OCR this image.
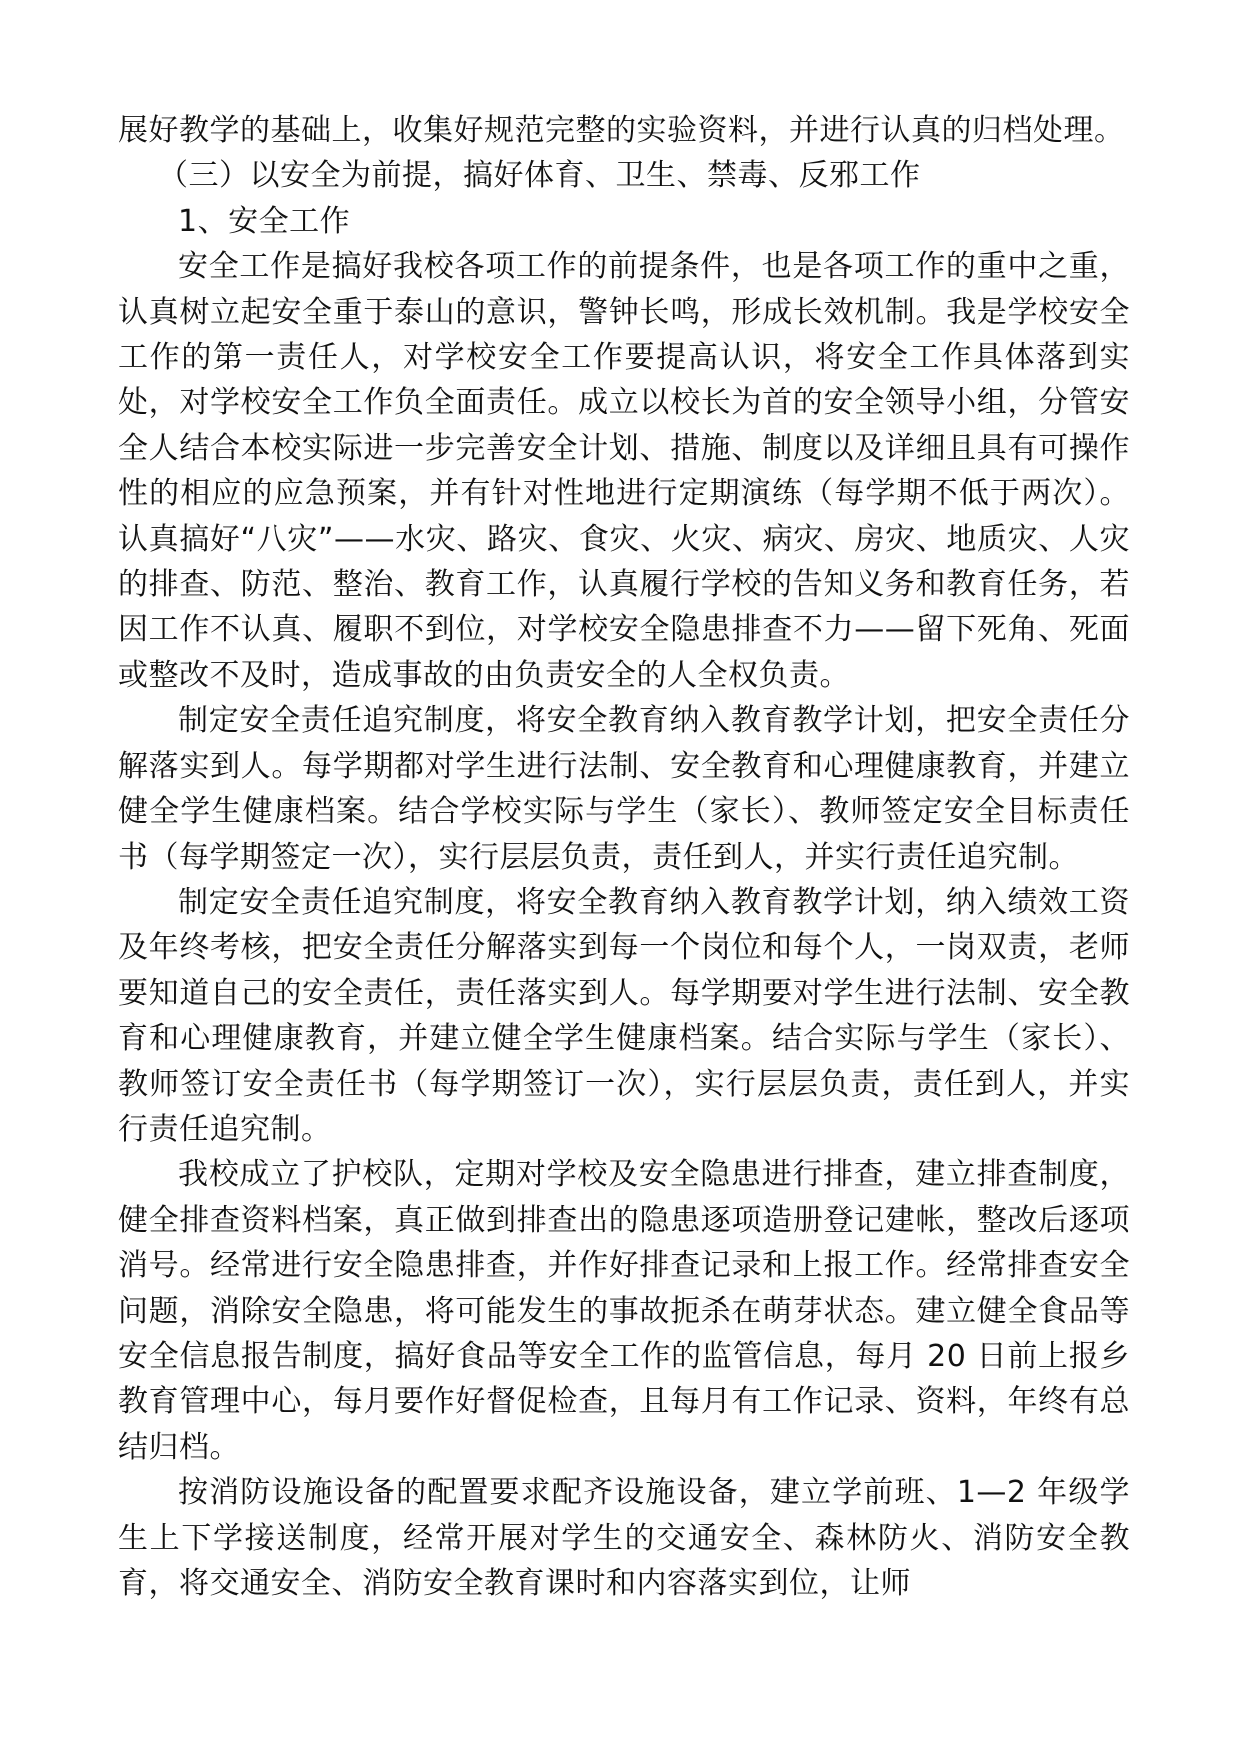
展好教学的基础上，收集好规范完整的实验资料，并进行认真的归档处理。

（三）以安全为前提，搞好体育、卫生、禁毒、反邪工作

1、安全工作

安全工作是搞好我校各项工作的前提条件，也是各项工作的重中之重，认真树立起安全重于泰山的意识，警钟长鸣，形成长效机制。我是学校安全工作的第一责任人，对学校安全工作要提高认识，将安全工作具体落到实处，对学校安全工作负全面责任。成立以校长为首的安全领导小组，分管安全人结合本校实际进一步完善安全计划、措施、制度以及详细且具有可操作性的相应的应急预案，并有针对性地进行定期演练（每学期不低于两次）。认真搞好“八灾”——水灾、路灾、食灾、火灾、病灾、房灾、地质灾、人灾的排查、防范、整治、教育工作，认真履行学校的告知义务和教育任务，若因工作不认真、履职不到位，对学校安全隐患排查不力——留下死角、死面或整改不及时，造成事故的由负责安全的人全权负责。

制定安全责任追究制度，将安全教育纳入教育教学计划，把安全责任分解落实到人。每学期都对学生进行法制、安全教育和心理健康教育，并建立健全学生健康档案。结合学校实际与学生（家长）、教师签定安全目标责任书（每学期签定一次），实行层层负责，责任到人，并实行责任追究制。

制定安全责任追究制度，将安全教育纳入教育教学计划，纳入绩效工资及年终考核，把安全责任分解落实到每一个岗位和每个人，一岗双责，老师要知道自己的安全责任，责任落实到人。每学期要对学生进行法制、安全教育和心理健康教育，并建立健全学生健康档案。结合实际与学生（家长）、教师签订安全责任书（每学期签订一次），实行层层负责，责任到人，并实行责任追究制。

我校成立了护校队，定期对学校及安全隐患进行排查，建立排查制度，健全排查资料档案，真正做到排查出的隐患逐项造册登记建帐，整改后逐项消号。经常进行安全隐患排查，并作好排查记录和上报工作。经常排查安全问题，消除安全隐患，将可能发生的事故扼杀在萌芽状态。建立健全食品等安全信息报告制度，搞好食品等安全工作的监管信息，每月 20 日前上报乡教育管理中心，每月要作好督促检查，且每月有工作记录、资料，年终有总结归档。

按消防设施设备的配置要求配齐设施设备，建立学前班、1—2 年级学生上下学接送制度，经常开展对学生的交通安全、森林防火、消防安全教育，将交通安全、消防安全教育课时和内容落实到位，让师
